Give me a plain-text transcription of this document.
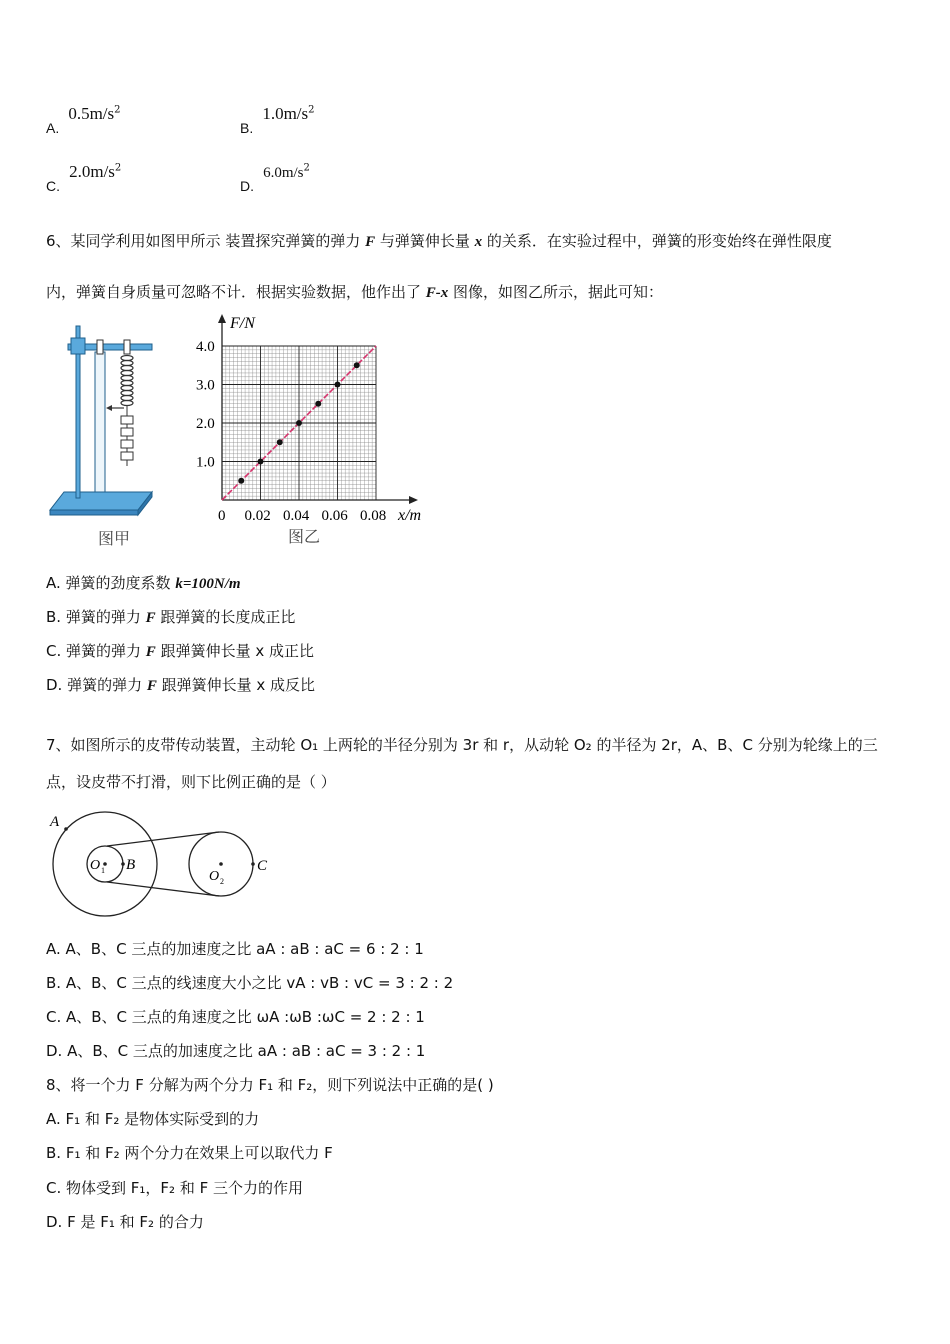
A. $0.5m/s^2$
B. $1.0m/s^2$
C. $2.0m/s^2$
D. $6.0m/s^2$
6、某同学利用如图甲所示 装置探究弹簧的弹力 F 与弹簧伸长量 x 的关系．在实验过程中，弹簧的形变始终在弹性限度
内，弹簧自身质量可忽略不计．根据实验数据，他作出了 F-x 图像，如图乙所示，据此可知：
图甲
1.0
2.0
3.0
4.0
0 0.02 0.04 0.06 0.08
F/N
x/m
图乙
A. 弹簧的劲度系数 k=100N/m
B. 弹簧的弹力 F 跟弹簧的长度成正比
C. 弹簧的弹力 F 跟弹簧伸长量 x 成正比
D. 弹簧的弹力 F 跟弹簧伸长量 x 成反比
7、如图所示的皮带传动装置，主动轮 O₁ 上两轮的半径分别为 3r 和 r，从动轮 O₂ 的半径为 2r，A、B、C 分别为轮缘上的三
点，设皮带不打滑，则下比例正确的是（ ）
A
B	C
O 1	O 2
A. A、B、C 三点的加速度之比 aA : aB : aC = 6 : 2 : 1
B. A、B、C 三点的线速度大小之比 vA : vB : vC = 3 : 2 : 2
C. A、B、C 三点的角速度之比 ωA :ωB :ωC = 2 : 2 : 1
D. A、B、C 三点的加速度之比 aA : aB : aC = 3 : 2 : 1
8、将一个力 F 分解为两个分力 F₁ 和 F₂，则下列说法中正确的是( )
A. F₁ 和 F₂ 是物体实际受到的力
B. F₁ 和 F₂ 两个分力在效果上可以取代力 F
C. 物体受到 F₁，F₂ 和 F 三个力的作用
D. F 是 F₁ 和 F₂ 的合力
